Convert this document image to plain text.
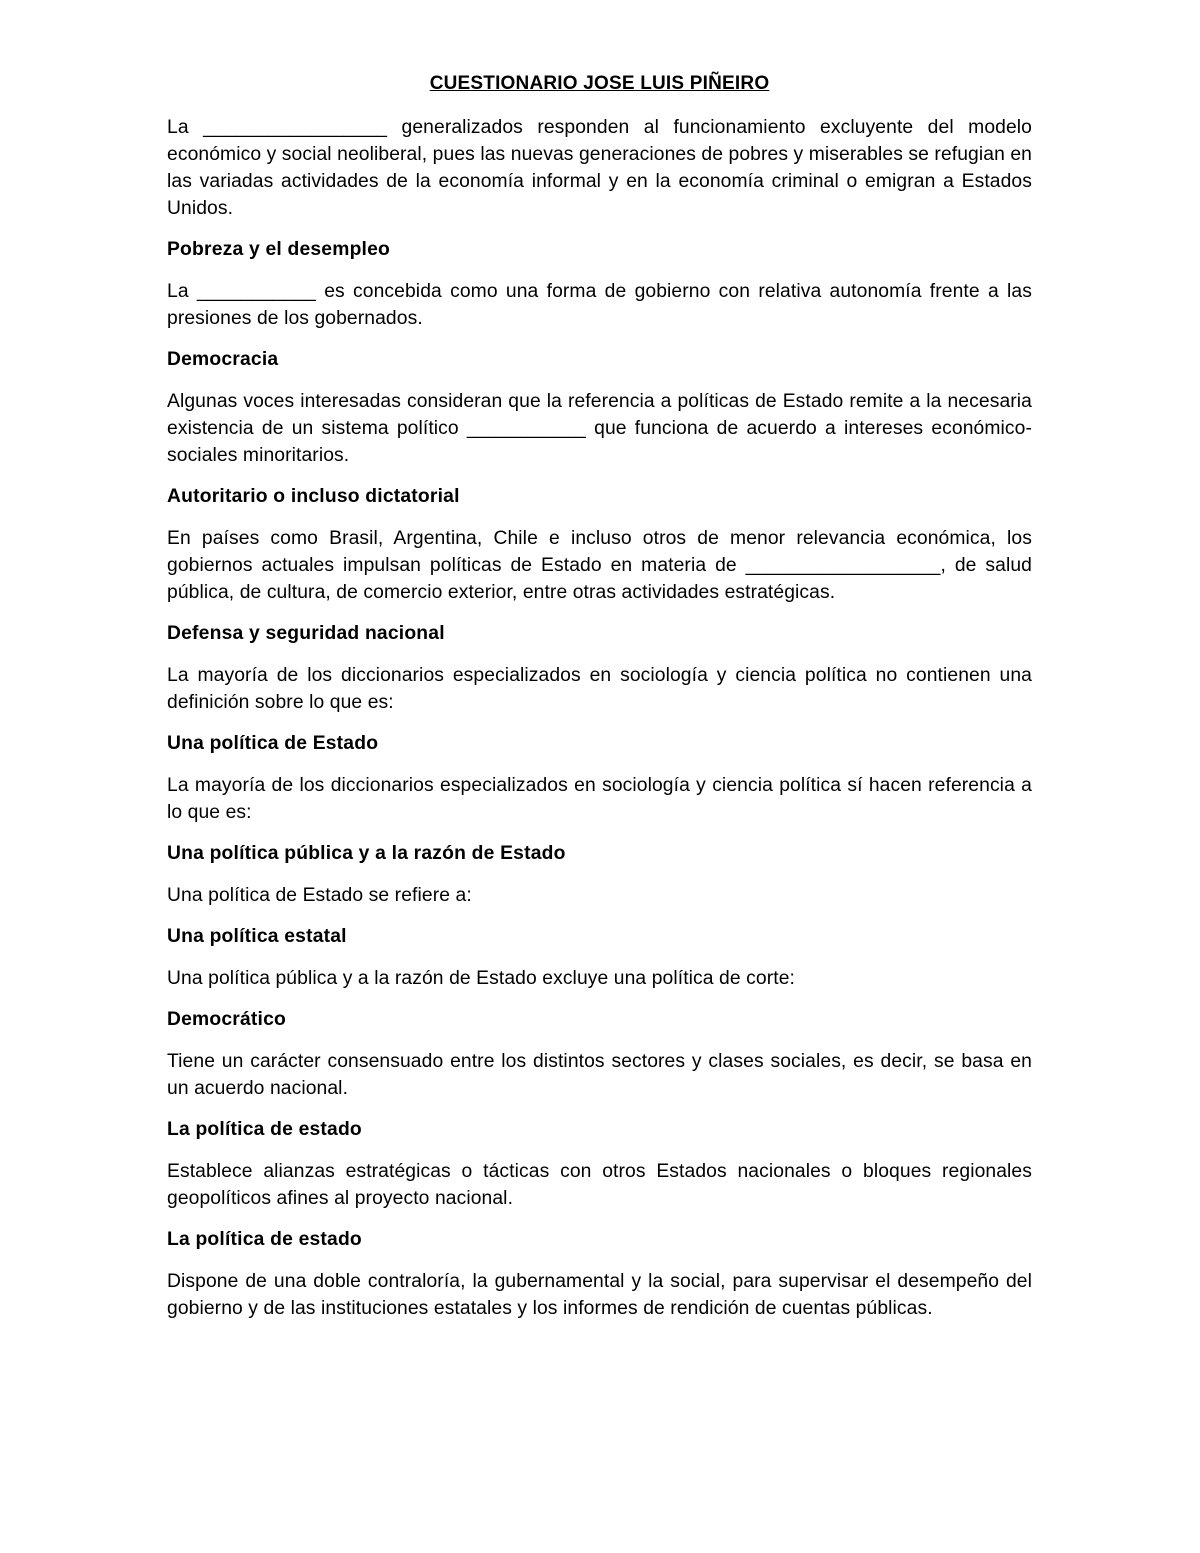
CUESTIONARIO JOSE LUIS PIÑEIRO

La _________________ generalizados responden al funcionamiento excluyente del modelo económico y social neoliberal, pues las nuevas generaciones de pobres y miserables se refugian en las variadas actividades de la economía informal y en la economía criminal o emigran a Estados Unidos.

Pobreza y el desempleo

La ___________ es concebida como una forma de gobierno con relativa autonomía frente a las presiones de los gobernados.

Democracia

Algunas voces interesadas consideran que la referencia a políticas de Estado remite a la necesaria existencia de un sistema político ___________ que funciona de acuerdo a intereses económico-sociales minoritarios.

Autoritario o incluso dictatorial

En países como Brasil, Argentina, Chile e incluso otros de menor relevancia económica, los gobiernos actuales impulsan políticas de Estado en materia de __________________, de salud pública, de cultura, de comercio exterior, entre otras actividades estratégicas.

Defensa y seguridad nacional

La mayoría de los diccionarios especializados en sociología y ciencia política no contienen una definición sobre lo que es:

Una política de Estado

La mayoría de los diccionarios especializados en sociología y ciencia política sí hacen referencia a lo que es:

Una política pública y a la razón de Estado

Una política de Estado se refiere a:

Una política estatal

Una política pública y a la razón de Estado excluye una política de corte:

Democrático

Tiene un carácter consensuado entre los distintos sectores y clases sociales, es decir, se basa en un acuerdo nacional.

La política de estado

Establece alianzas estratégicas o tácticas con otros Estados nacionales o bloques regionales geopolíticos afines al proyecto nacional.

La política de estado

Dispone de una doble contraloría, la gubernamental y la social, para supervisar el desempeño del gobierno y de las instituciones estatales y los informes de rendición de cuentas públicas.
